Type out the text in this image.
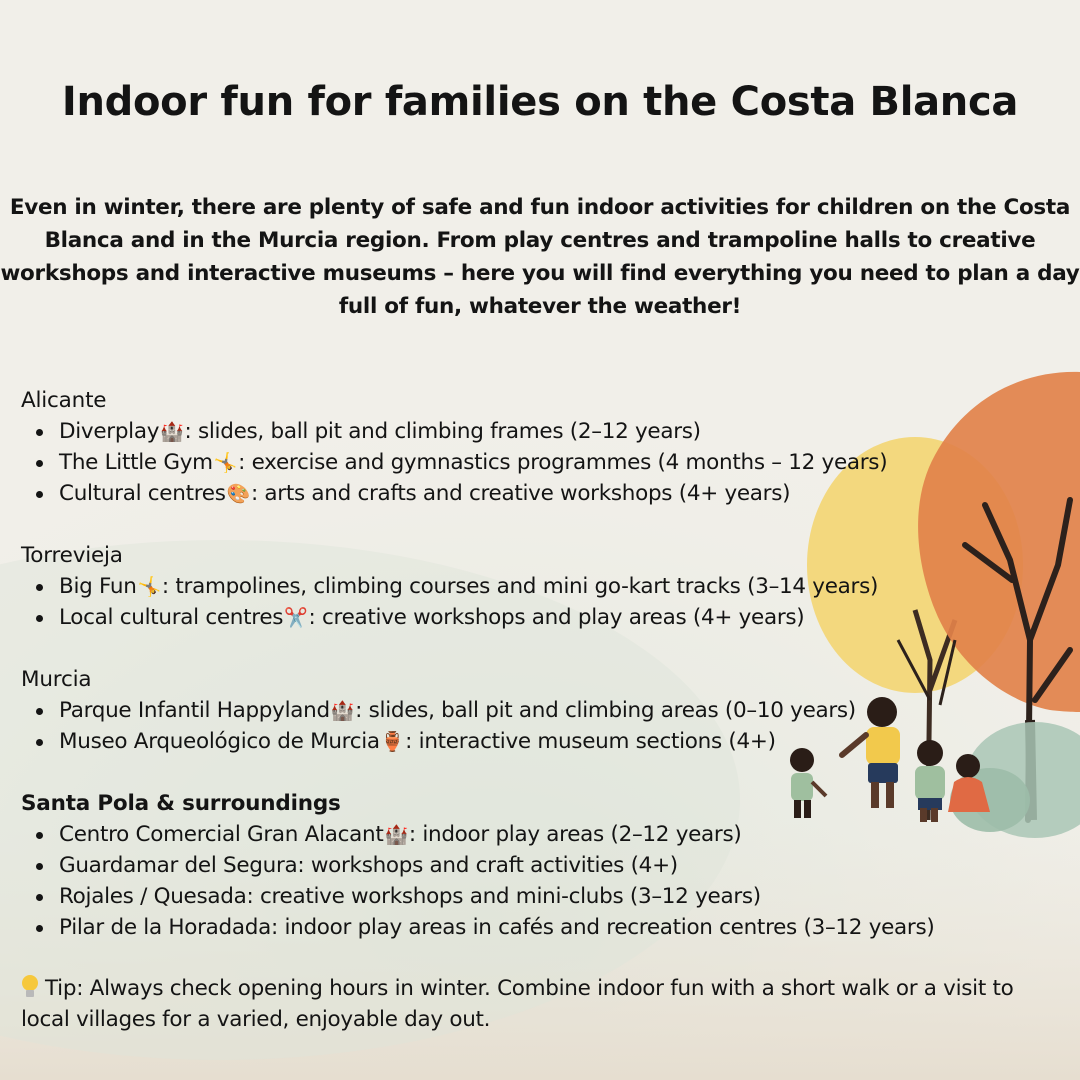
Indoor fun for families on the Costa Blanca

Even in winter, there are plenty of safe and fun indoor activities for children on the Costa Blanca and in the Murcia region. From play centres and trampoline halls to creative workshops and interactive museums – here you will find everything you need to plan a day full of fun, whatever the weather!

Alicante
Diverplay🏰: slides, ball pit and climbing frames (2–12 years)
The Little Gym🤸: exercise and gymnastics programmes (4 months – 12 years)
Cultural centres🎨: arts and crafts and creative workshops (4+ years)
Torrevieja
Big Fun🤸: trampolines, climbing courses and mini go-kart tracks (3–14 years)
Local cultural centres✂️: creative workshops and play areas (4+ years)
Murcia
Parque Infantil Happyland🏰: slides, ball pit and climbing areas (0–10 years)
Museo Arqueológico de Murcia🏺: interactive museum sections (4+)
Santa Pola & surroundings
Centro Comercial Gran Alacant🏰: indoor play areas (2–12 years)
Guardamar del Segura: workshops and craft activities (4+)
Rojales / Quesada: creative workshops and mini-clubs (3–12 years)
Pilar de la Horadada: indoor play areas in cafés and recreation centres (3–12 years)
Tip: Always check opening hours in winter. Combine indoor fun with a short walk or a visit to local villages for a varied, enjoyable day out.
